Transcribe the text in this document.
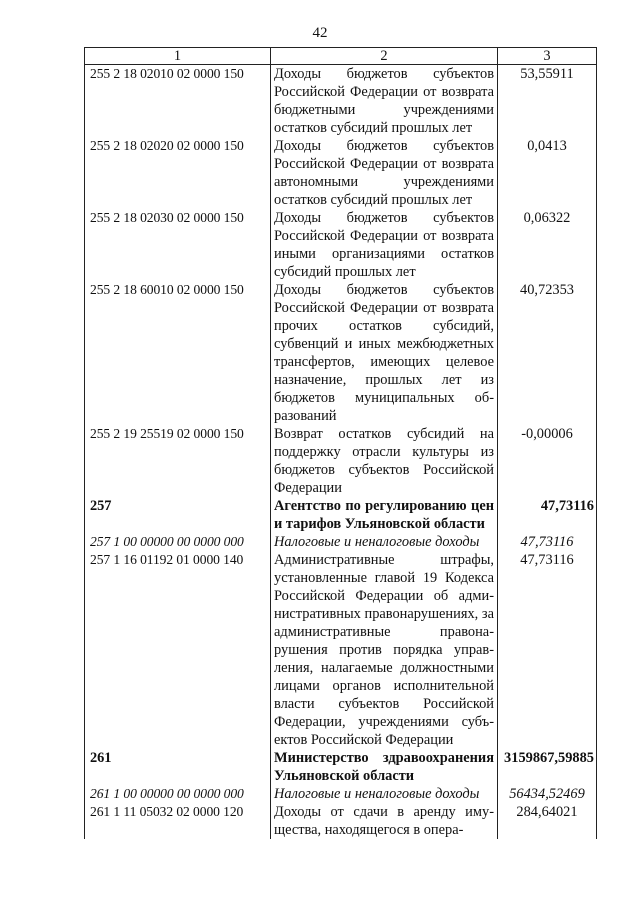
42
1	2	3
255 2 18 02010 02 0000 150	Доходы бюджетов субъектов Российской Федерации от возврата бюджетными учреждениями остатков субсидий прошлых лет	53,55911
255 2 18 02020 02 0000 150	Доходы бюджетов субъектов Российской Федерации от возврата автономными учреждениями остатков субсидий прошлых лет	0,0413
255 2 18 02030 02 0000 150	Доходы бюджетов субъектов Российской Федерации от возврата иными организациями остатков субсидий прошлых лет	0,06322
255 2 18 60010 02 0000 150	Доходы бюджетов субъектов Российской Федерации от возврата прочих остатков субсидий, субвенций и иных межбюджетных трансфертов, имеющих целевое назначение, прошлых лет из бюджетов муниципальных образований	40,72353
255 2 19 25519 02 0000 150	Возврат остатков субсидий на поддержку отрасли культуры из бюджетов субъектов Российской Федерации	-0,00006
257	Агентство по регулированию цен и тарифов Ульяновской области	47,73116
257 1 00 00000 00 0000 000	Налоговые и неналоговые доходы	47,73116
257 1 16 01192 01 0000 140	Административные штрафы, установленные главой 19 Кодекса Российской Федерации об административных правонарушениях, за административные правонарушения против порядка управления, налагаемые должностными лицами органов исполнительной власти субъектов Российской Федерации, учреждениями субъектов Российской Федерации	47,73116
261	Министерство здравоохранения Ульяновской области	3159867,59885
261 1 00 00000 00 0000 000	Налоговые и неналоговые доходы	56434,52469
261 1 11 05032 02 0000 120	Доходы от сдачи в аренду имущества, находящегося в опера-	284,64021
